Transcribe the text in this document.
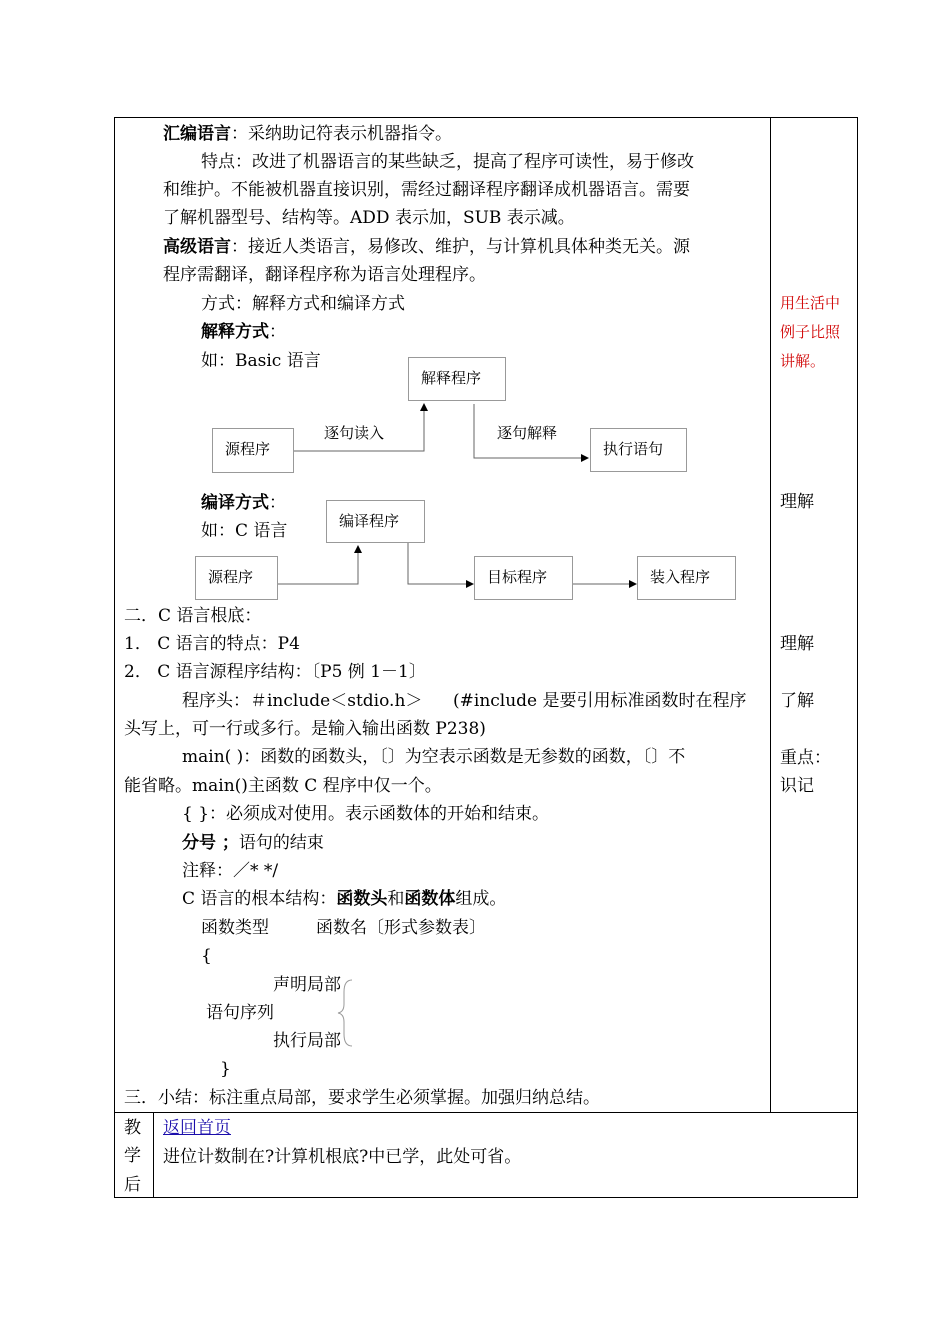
汇编语言：采纳助记符表示机器指令。
特点：改进了机器语言的某些缺乏，提高了程序可读性，易于修改
和维护。不能被机器直接识别，需经过翻译程序翻译成机器语言。需要
了解机器型号、结构等。ADD 表示加，SUB 表示减。
高级语言：接近人类语言，易修改、维护，与计算机具体种类无关。源
程序需翻译，翻译程序称为语言处理程序。
方式：解释方式和编译方式
解释方式：
如：Basic 语言
解释程序
源程序	执行语句
逐句读入	逐句解释
编译方式：
如：C 语言	编译程序
源程序	目标程序	装入程序
二．C 语言根底：
1． C 语言的特点：P4
2． C 语言源程序结构：〔P5 例 1－1〕
程序头：＃include＜stdio.h＞ (#include 是要引用标准函数时在程序
头写上，可一行或多行。是输入输出函数 P238)
main( )：函数的函数头，〔〕为空表示函数是无参数的函数，〔〕不
能省略。main()主函数 C 程序中仅一个。
{ }：必须成对使用。表示函数体的开始和结束。
分号 ；语句的结束
注释：／* */
C 语言的根本结构：函数头和函数体组成。
函数类型	函数名〔形式参数表〕
{
声明局部
语句序列
执行局部
}
三．小结：标注重点局部，要求学生必须掌握。加强归纳总结。
用生活中
例子比照
讲解。
理解
理解
了解
重点：
识记
教
学
后
返回首页
进位计数制在?计算机根底?中已学，此处可省。
